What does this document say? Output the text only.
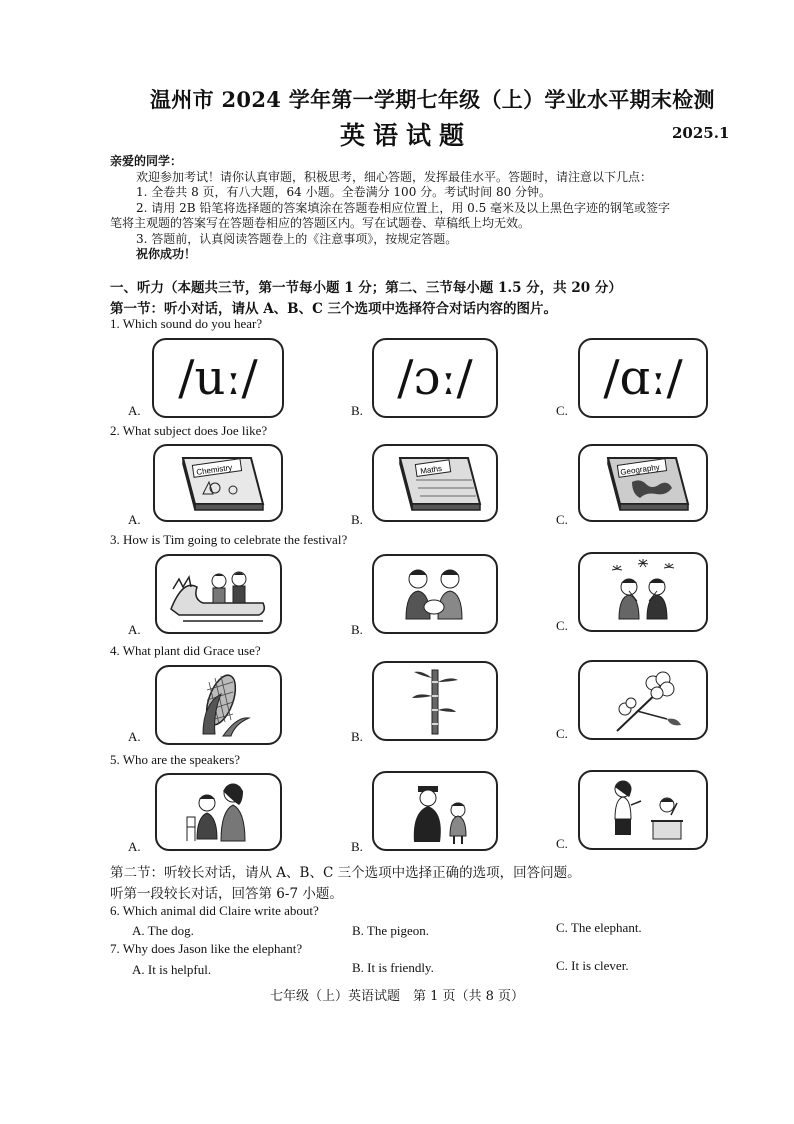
温州市 2024 学年第一学期七年级（上）学业水平期末检测
英语试题	2025.1

亲爱的同学：

欢迎参加考试！请你认真审题，积极思考，细心答题，发挥最佳水平。答题时，请注意以下几点：

1. 全卷共 8 页，有八大题，64 小题。全卷满分 100 分。考试时间 80 分钟。

2. 请用 2B 铅笔将选择题的答案填涂在答题卷相应位置上，用 0.5 毫米及以上黑色字迹的钢笔或签字

笔将主观题的答案写在答题卷相应的答题区内。写在试题卷、草稿纸上均无效。

3. 答题前，认真阅读答题卷上的《注意事项》，按规定答题。

祝你成功！

一、听力（本题共三节，第一节每小题 1 分；第二、三节每小题 1.5 分，共 20 分）
第一节：听小对话，请从 A、B、C 三个选项中选择符合对话内容的图片。
1. Which sound do you hear?
A.
/uː/
B.
/ɔː/
C.
/ɑː/
2. What subject does Joe like?
A.
Chemistry
B.
Maths
C.
Geography
3. How is Tim going to celebrate the festival?
A.	B.	C.
4. What plant did Grace use?
A.	B.	C.
5. Who are the speakers?
A.	B.	C.
第二节：听较长对话，请从 A、B、C 三个选项中选择正确的选项，回答问题。
听第一段较长对话，回答第 6-7 小题。
6. Which animal did Claire write about?
A. The dog.	B. The pigeon.	C. The elephant.
7. Why does Jason like the elephant?
A. It is helpful.	B. It is friendly.	C. It is clever.
七年级（上）英语试题　第 1 页（共 8 页）
